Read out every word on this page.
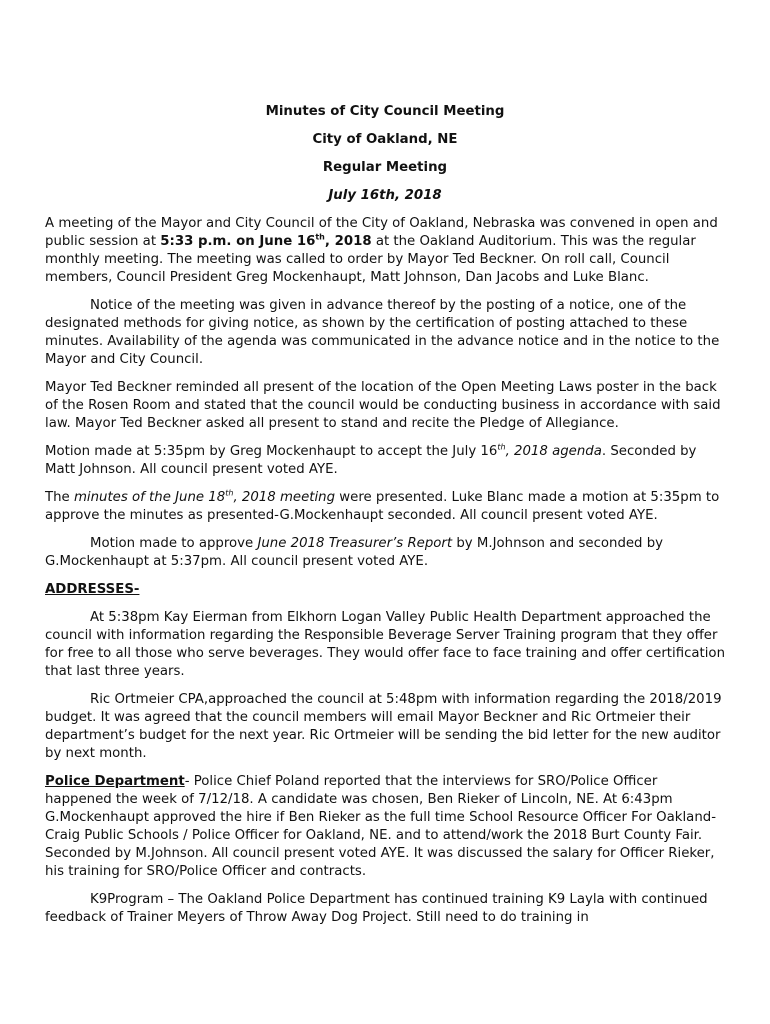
Minutes of City Council Meeting
City of Oakland, NE
Regular Meeting
July 16th, 2018

A meeting of the Mayor and City Council of the City of Oakland, Nebraska was convened in open and public session at 5:33 p.m. on June 16th, 2018 at the Oakland Auditorium. This was the regular monthly meeting. The meeting was called to order by Mayor Ted Beckner. On roll call, Council members, Council President Greg Mockenhaupt, Matt Johnson, Dan Jacobs and Luke Blanc.

Notice of the meeting was given in advance thereof by the posting of a notice, one of the designated methods for giving notice, as shown by the certification of posting attached to these minutes. Availability of the agenda was communicated in the advance notice and in the notice to the Mayor and City Council.

Mayor Ted Beckner reminded all present of the location of the Open Meeting Laws poster in the back of the Rosen Room and stated that the council would be conducting business in accordance with said law. Mayor Ted Beckner asked all present to stand and recite the Pledge of Allegiance.

Motion made at 5:35pm by Greg Mockenhaupt to accept the July 16th, 2018 agenda. Seconded by Matt Johnson. All council present voted AYE.

The minutes of the June 18th, 2018 meeting were presented. Luke Blanc made a motion at 5:35pm to approve the minutes as presented-G.Mockenhaupt seconded. All council present voted AYE.

Motion made to approve June 2018 Treasurer’s Report by M.Johnson and seconded by G.Mockenhaupt at 5:37pm. All council present voted AYE.

ADDRESSES-

At 5:38pm Kay Eierman from Elkhorn Logan Valley Public Health Department approached the council with information regarding the Responsible Beverage Server Training program that they offer for free to all those who serve beverages. They would offer face to face training and offer certification that last three years.

Ric Ortmeier CPA,approached the council at 5:48pm with information regarding the 2018/2019 budget. It was agreed that the council members will email Mayor Beckner and Ric Ortmeier their department’s budget for the next year. Ric Ortmeier will be sending the bid letter for the new auditor by next month.

Police Department- Police Chief Poland reported that the interviews for SRO/Police Officer happened the week of 7/12/18. A candidate was chosen, Ben Rieker of Lincoln, NE. At 6:43pm G.Mockenhaupt approved the hire if Ben Rieker as the full time School Resource Officer For Oakland-Craig Public Schools / Police Officer for Oakland, NE. and to attend/work the 2018 Burt County Fair. Seconded by M.Johnson. All council present voted AYE. It was discussed the salary for Officer Rieker, his training for SRO/Police Officer and contracts.

K9Program – The Oakland Police Department has continued training K9 Layla with continued feedback of Trainer Meyers of Throw Away Dog Project. Still need to do training in
